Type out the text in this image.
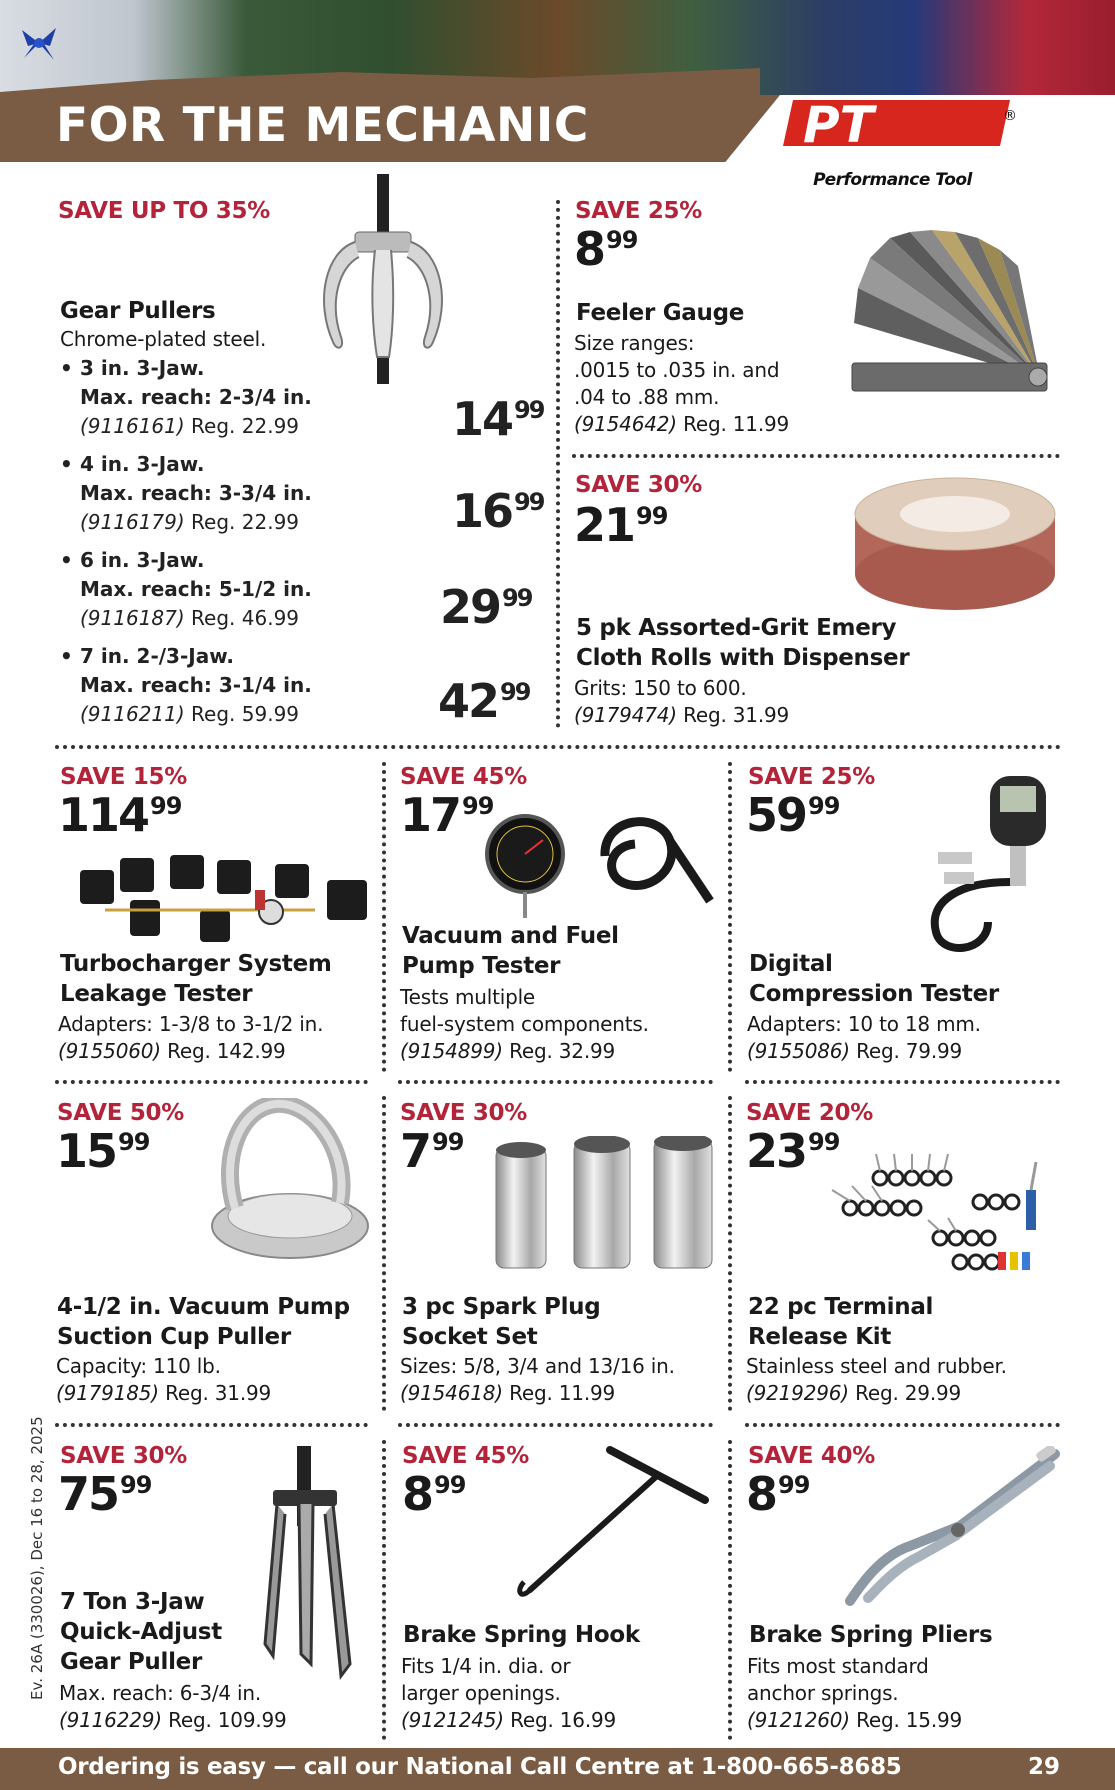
FOR THE MECHANIC	PT	®
Performance Tool
SAVE UP TO 35%
Gear Pullers
Chrome-plated steel.
• 3 in. 3-Jaw.
Max. reach: 2-3/4 in.
(9116161) Reg. 22.99	$14^{99}$
• 4 in. 3-Jaw.
Max. reach: 3-3/4 in.
(9116179) Reg. 22.99	$16^{99}$
• 6 in. 3-Jaw.
Max. reach: 5-1/2 in.
(9116187) Reg. 46.99	$29^{99}$
• 7 in. 2-/3-Jaw.
Max. reach: 3-1/4 in.
(9116211) Reg. 59.99	$42^{99}$
SAVE 25%
$8^{99}$
Feeler Gauge
Size ranges:
.0015 to .035 in. and
.04 to .88 mm.
(9154642) Reg. 11.99
SAVE 30%
$21^{99}$
5 pk Assorted-Grit Emery
Cloth Rolls with Dispenser
Grits: 150 to 600.
(9179474) Reg. 31.99
SAVE 15%
$114^{99}$
Turbocharger System
Leakage Tester
Adapters: 1-3/8 to 3-1/2 in.
(9155060) Reg. 142.99
SAVE 45%
$17^{99}$
Vacuum and Fuel
Pump Tester
Tests multiple
fuel-system components.
(9154899) Reg. 32.99
SAVE 25%
$59^{99}$
Digital
Compression Tester
Adapters: 10 to 18 mm.
(9155086) Reg. 79.99
SAVE 50%
$15^{99}$
4-1/2 in. Vacuum Pump
Suction Cup Puller
Capacity: 110 lb.
(9179185) Reg. 31.99
SAVE 30%
$7^{99}$
3 pc Spark Plug
Socket Set
Sizes: 5/8, 3/4 and 13/16 in.
(9154618) Reg. 11.99
SAVE 20%
$23^{99}$
22 pc Terminal
Release Kit
Stainless steel and rubber.
(9219296) Reg. 29.99
SAVE 30%
$75^{99}$
7 Ton 3-Jaw
Quick-Adjust
Gear Puller
Max. reach: 6-3/4 in.
(9116229) Reg. 109.99
SAVE 45%
$8^{99}$
Brake Spring Hook
Fits 1/4 in. dia. or
larger openings.
(9121245) Reg. 16.99
SAVE 40%
$8^{99}$
Brake Spring Pliers
Fits most standard
anchor springs.
(9121260) Reg. 15.99
Ev. 26A (330026), Dec 16 to 28, 2025
Ordering is easy — call our National Call Centre at 1-800-665-8685	29
